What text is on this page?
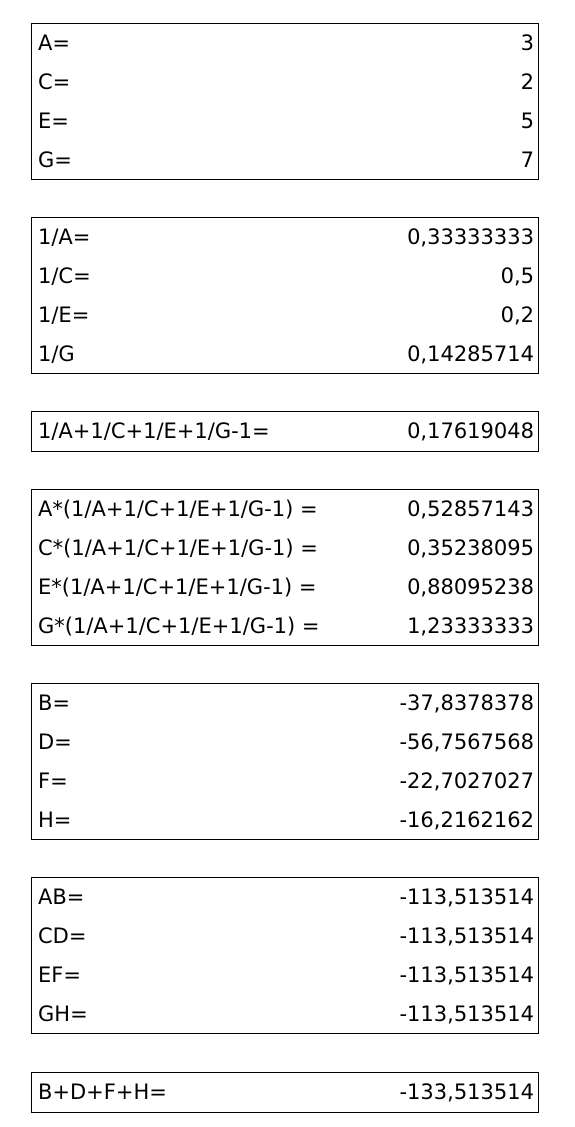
A=	3
C=	2
E=	5
G=	7
1/A=	0,33333333
1/C=	0,5
1/E=	0,2
1/G	0,14285714
1/A+1/C+1/E+1/G-1=	0,17619048
A*(1/A+1/C+1/E+1/G-1) =	0,52857143
C*(1/A+1/C+1/E+1/G-1) =	0,35238095
E*(1/A+1/C+1/E+1/G-1) =	0,88095238
G*(1/A+1/C+1/E+1/G-1) =	1,23333333
B=	-37,8378378
D=	-56,7567568
F=	-22,7027027
H=	-16,2162162
AB=	-113,513514
CD=	-113,513514
EF=	-113,513514
GH=	-113,513514
B+D+F+H=	-133,513514
